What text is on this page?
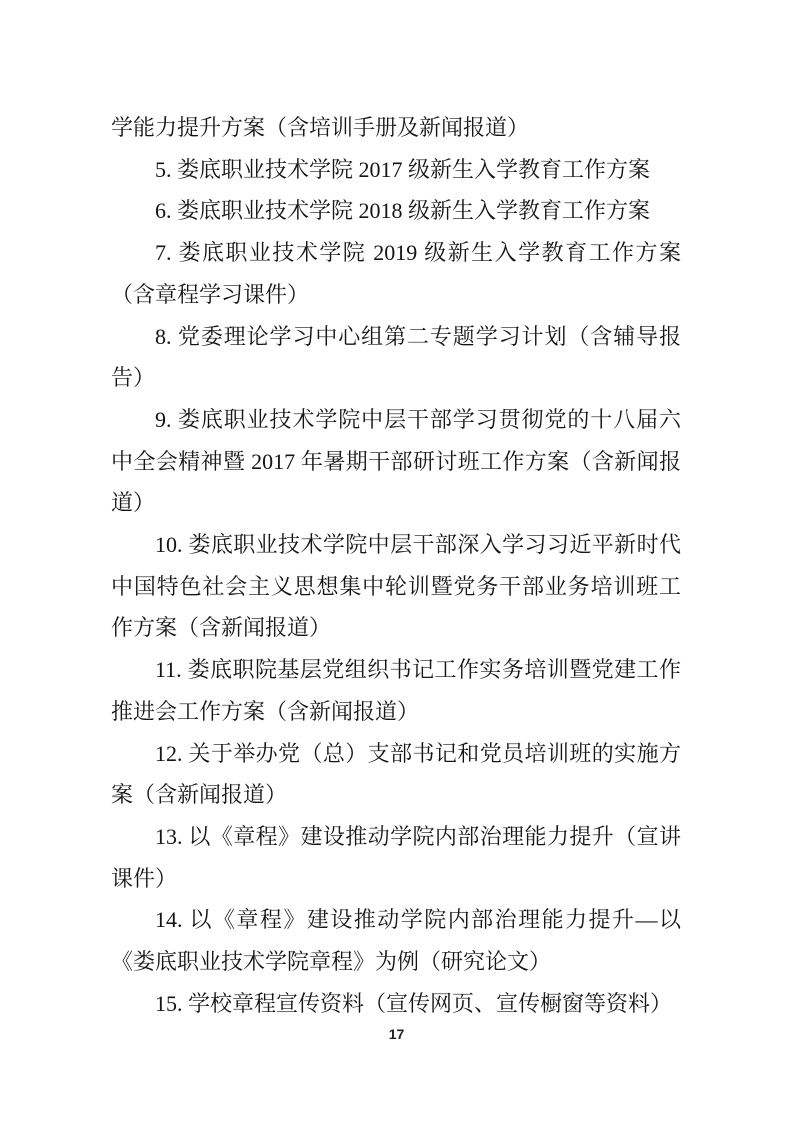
学能力提升方案（含培训手册及新闻报道）

5. 娄底职业技术学院 2017 级新生入学教育工作方案

6. 娄底职业技术学院 2018 级新生入学教育工作方案

7. 娄底职业技术学院 2019 级新生入学教育工作方案（含章程学习课件）

8. 党委理论学习中心组第二专题学习计划（含辅导报告）

9. 娄底职业技术学院中层干部学习贯彻党的十八届六中全会精神暨 2017 年暑期干部研讨班工作方案（含新闻报道）

10. 娄底职业技术学院中层干部深入学习习近平新时代中国特色社会主义思想集中轮训暨党务干部业务培训班工作方案（含新闻报道）

11. 娄底职院基层党组织书记工作实务培训暨党建工作推进会工作方案（含新闻报道）

12. 关于举办党（总）支部书记和党员培训班的实施方案（含新闻报道）

13. 以《章程》建设推动学院内部治理能力提升（宣讲课件）

14. 以《章程》建设推动学院内部治理能力提升—以《娄底职业技术学院章程》为例（研究论文）

15. 学校章程宣传资料（宣传网页、宣传橱窗等资料）

17
